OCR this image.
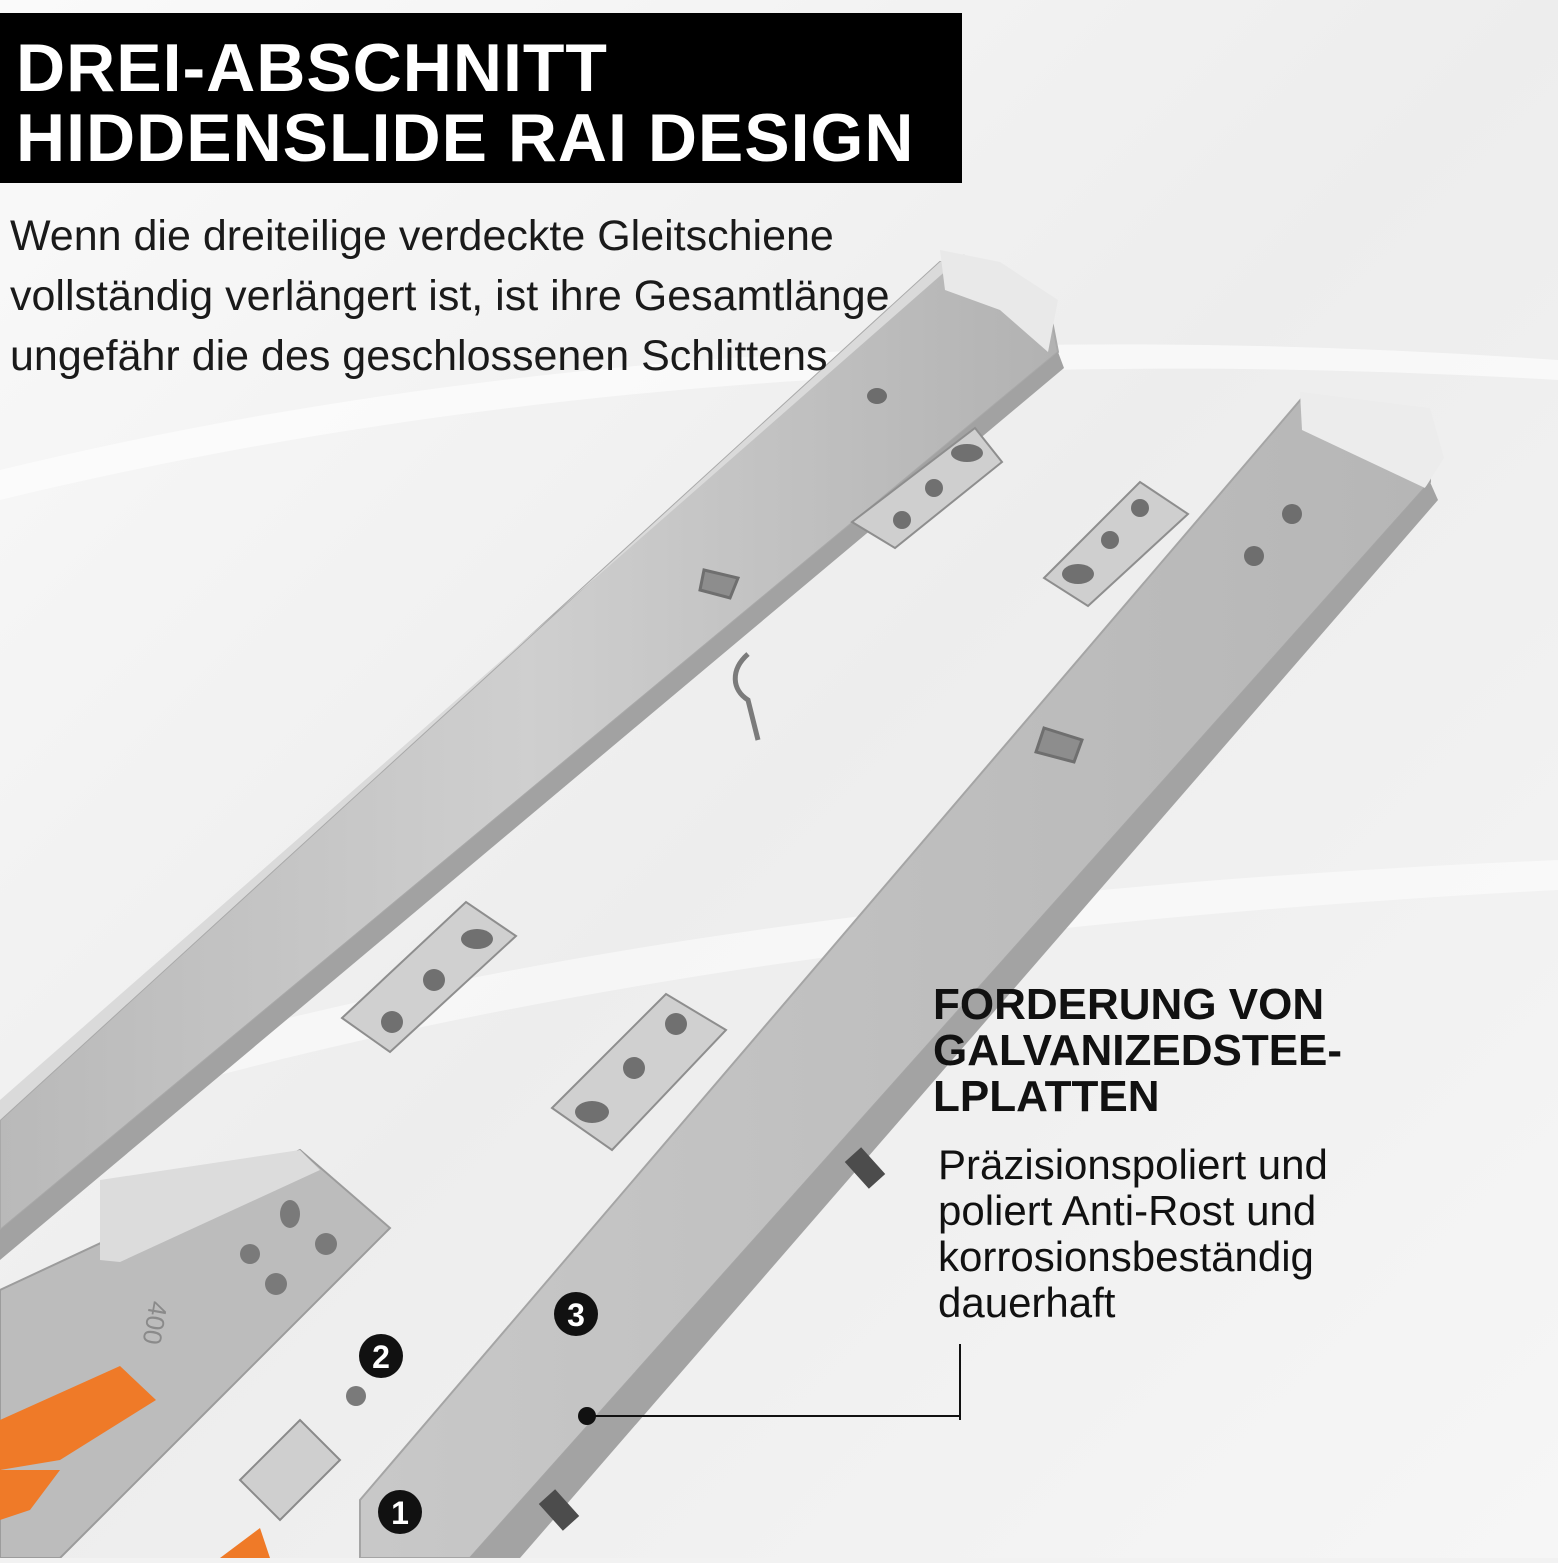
400
1
2
3
DREI-ABSCHNITT
HIDDENSLIDE RAI DESIGN
Wenn die dreiteilige verdeckte Gleitschiene
vollständig verlängert ist, ist ihre Gesamtlänge
ungefähr die des geschlossenen Schlittens
FORDERUNG VON
GALVANIZEDSTEE-
LPLATTEN
Präzisionspoliert und
poliert Anti-Rost und
korrosionsbeständig
dauerhaft
